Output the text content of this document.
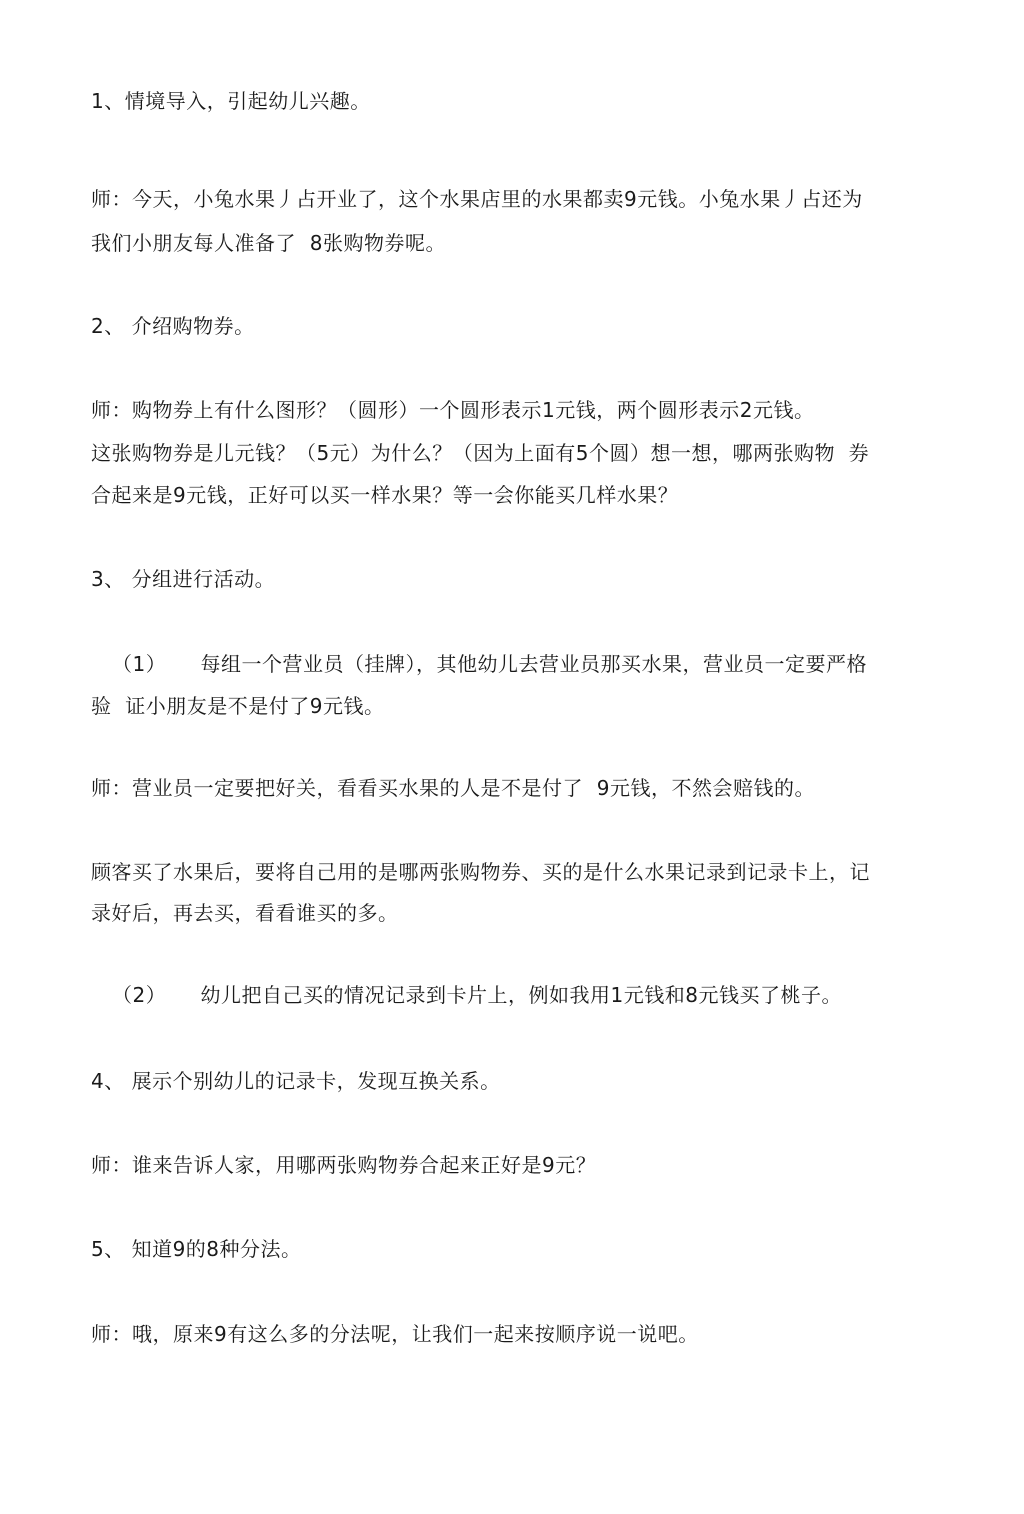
1、情境导入，引起幼儿兴趣。

师：今天，小兔水果丿占开业了，这个水果店里的水果都卖9元钱。小兔水果丿占还为

我们小朋友每人准备了  8张购物券呢。

2、 介绍购物券。

师：购物券上有什么图形？（圆形）一个圆形表示1元钱，两个圆形表示2元钱。

这张购物券是儿元钱？（5元）为什么？（因为上面有5个圆）想一想，哪两张购物  券

合起来是9元钱，正好可以买一样水果？等一会你能买几样水果？

3、 分组进行活动。

（1）     每组一个营业员（挂牌），其他幼儿去营业员那买水果，营业员一定要严格

验  证小朋友是不是付了9元钱。

师：营业员一定要把好关，看看买水果的人是不是付了  9元钱，不然会赔钱的。

顾客买了水果后，要将自己用的是哪两张购物券、买的是什么水果记录到记录卡上，记

录好后，再去买，看看谁买的多。

（2）     幼儿把自己买的情况记录到卡片上，例如我用1元钱和8元钱买了桃子。

4、 展示个别幼儿的记录卡，发现互换关系。

师：谁来告诉人家，用哪两张购物券合起来正好是9元？

5、 知道9的8种分法。

师：哦，原来9有这么多的分法呢，让我们一起来按顺序说一说吧。
